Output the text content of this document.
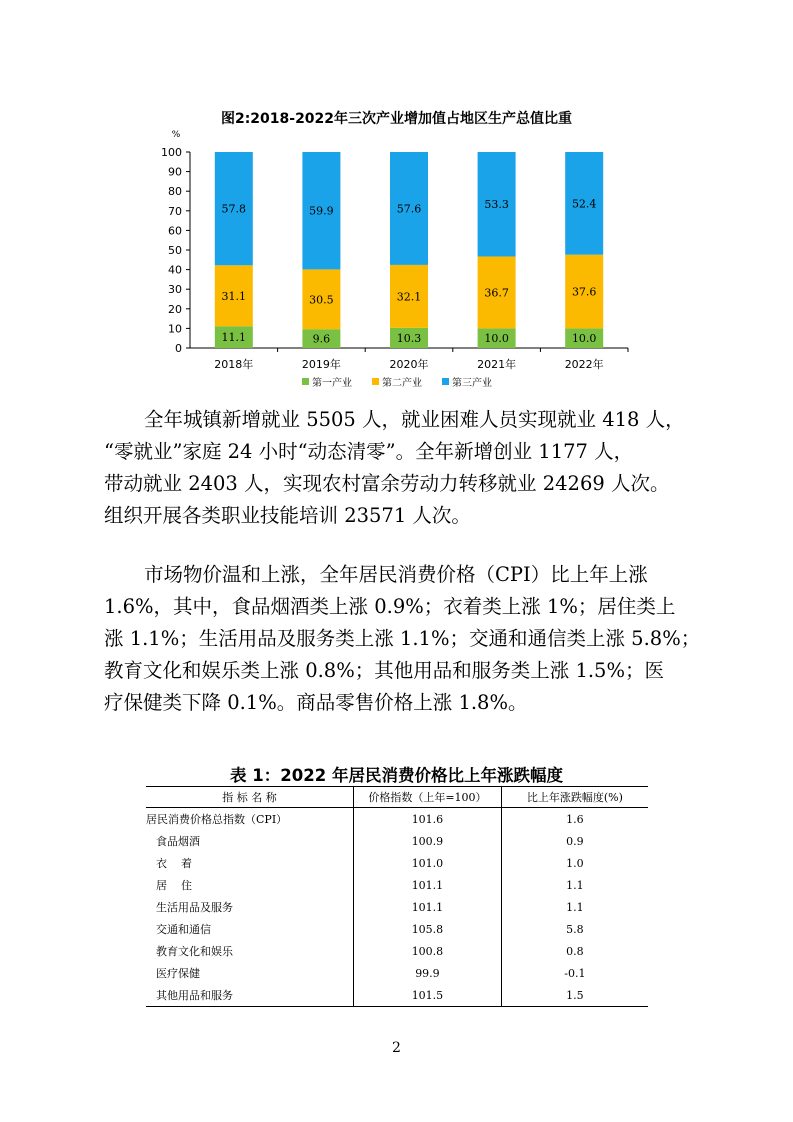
图2:2018-2022年三次产业增加值占地区生产总值比重
0
10
20
30
40
50
60
70
80
90
100
%
11.1
31.1
57.8
2018年
9.6
30.5
59.9
2019年
10.3
32.1
57.6
2020年
10.0
36.7
53.3
2021年
10.0
37.6
52.4
2022年
第一产业	第二产业	第三产业

全年城镇新增就业 5505 人，就业困难人员实现就业 418 人，
“零就业”家庭 24 小时“动态清零”。全年新增创业 1177 人，
带动就业 2403 人，实现农村富余劳动力转移就业 24269 人次。
组织开展各类职业技能培训 23571 人次。

市场物价温和上涨，全年居民消费价格（CPI）比上年上涨
1.6%，其中，食品烟酒类上涨 0.9%；衣着类上涨 1%；居住类上
涨 1.1%；生活用品及服务类上涨 1.1%；交通和通信类上涨 5.8%；
教育文化和娱乐类上涨 0.8%；其他用品和服务类上涨 1.5%；医
疗保健类下降 0.1%。商品零售价格上涨 1.8%。

表 1：2022 年居民消费价格比上年涨跌幅度
指 标 名 称	价格指数（上年=100）	比上年涨跌幅度(%)
居民消费价格总指数（CPI）	101.6	1.6
食品烟酒	100.9	0.9
衣    着	101.0	1.0
居    住	101.1	1.1
生活用品及服务	101.1	1.1
交通和通信	105.8	5.8
教育文化和娱乐	100.8	0.8
医疗保健	99.9	-0.1
其他用品和服务	101.5	1.5
2
